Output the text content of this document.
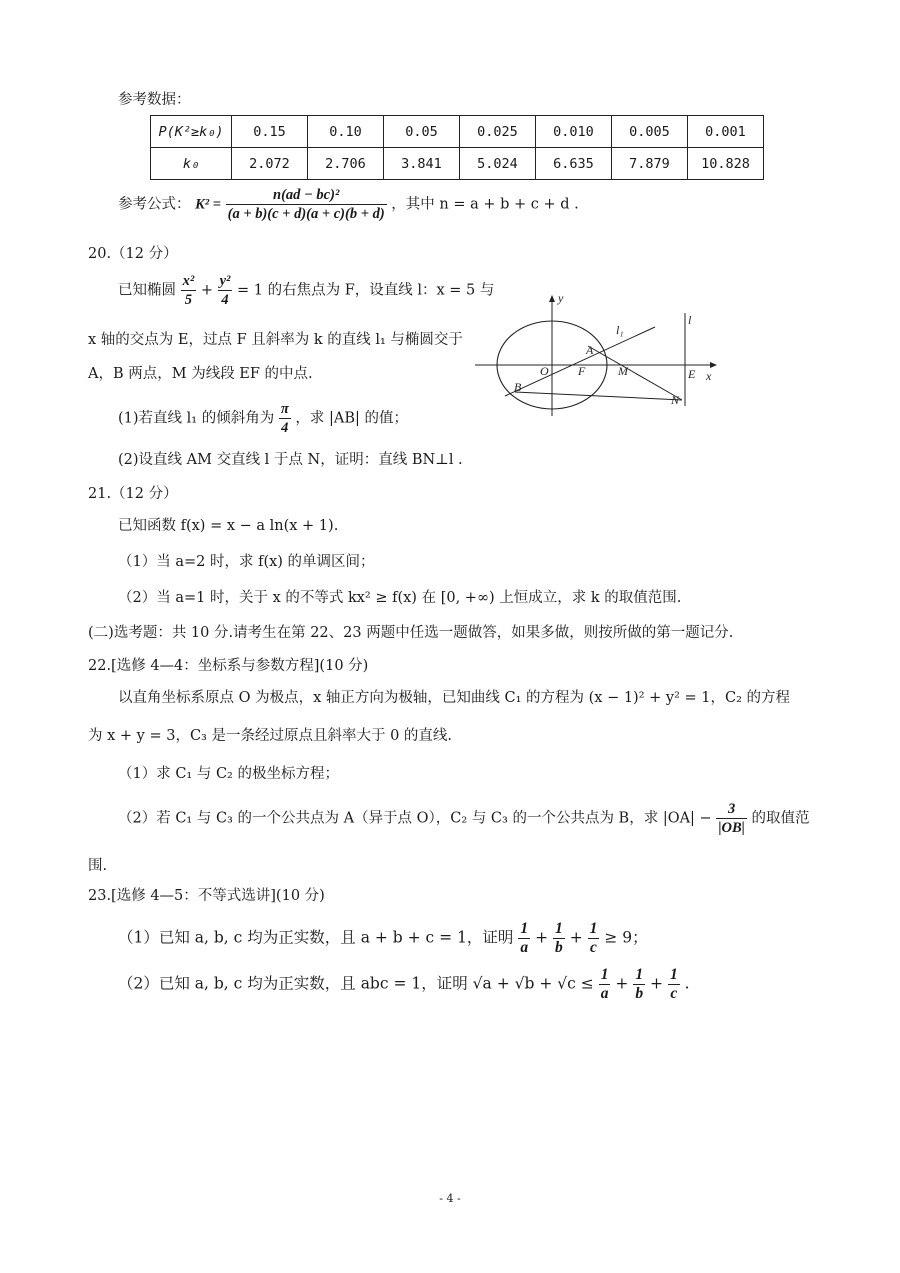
参考数据：
P(K²≥k₀)	0.15	0.10	0.05	0.025	0.010	0.005	0.001
k₀	2.072	2.706	3.841	5.024	6.635	7.879	10.828
参考公式： $K^2 = \frac{\text{n(ad − bc)²}}{(a + b)(c + d)(a + c)(b + d)}$ ，其中 n = a + b + c + d .
20.（12 分）
已知椭圆 $\frac{\text{x²}}{5} + \frac{\text{y²}}{4} = 1$ 的右焦点为 F，设直线 l：x = 5 与
x 轴的交点为 E，过点 F 且斜率为 k 的直线 l₁ 与椭圆交于
A，B 两点，M 为线段 EF 的中点.
(1)若直线 l₁ 的倾斜角为 $\frac{\pi}{4}$ ，求 |AB| 的值；
(2)设直线 AM 交直线 l 于点 N，证明：直线 BN⊥l .
y
x
l
l₁
A
O F	M	E
B
N
21.（12 分）
已知函数 f(x) = x − a ln(x + 1).
（1）当 a=2 时，求 f(x) 的单调区间；
（2）当 a=1 时，关于 x 的不等式 kx² ≥ f(x) 在 [0, +∞) 上恒成立，求 k 的取值范围.
(二)选考题：共 10 分.请考生在第 22、23 两题中任选一题做答，如果多做，则按所做的第一题记分.
22.[选修 4—4：坐标系与参数方程](10 分)
以直角坐标系原点 O 为极点，x 轴正方向为极轴，已知曲线 C₁ 的方程为 (x − 1)² + y² = 1，C₂ 的方程
为 x + y = 3，C₃ 是一条经过原点且斜率大于 0 的直线.
（1）求 C₁ 与 C₂ 的极坐标方程；
（2）若 C₁ 与 C₃ 的一个公共点为 A（异于点 O），C₂ 与 C₃ 的一个公共点为 B，求 $|OA| - \frac{3}{|OB|}$ 的取值范
围.
23.[选修 4—5：不等式选讲](10 分)
（1）已知 a, b, c 均为正实数，且 a + b + c = 1，证明 $\frac{1}{a} + \frac{1}{b} + \frac{1}{c} \ge 9$；
（2）已知 a, b, c 均为正实数，且 abc = 1，证明 $√a + √b + √c \le \frac{1}{a} + \frac{1}{b} + \frac{1}{c}$ .
- 4 -
